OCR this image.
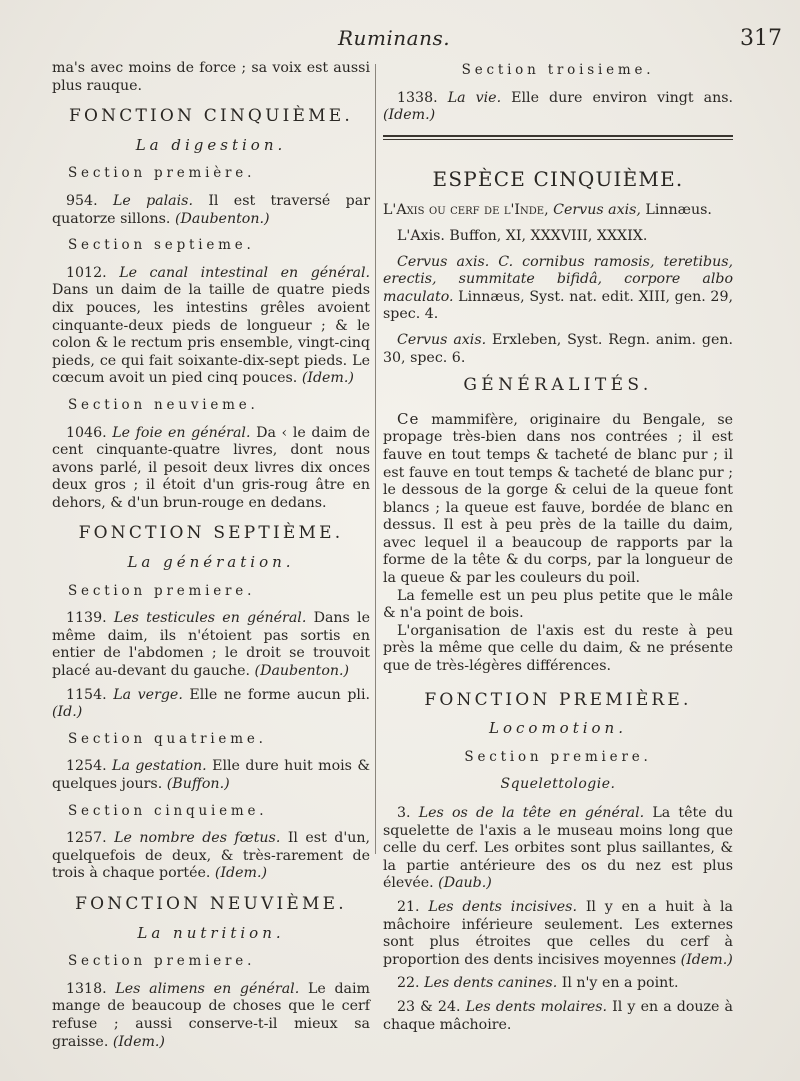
Ruminans.	317

ma's avec moins de force ; sa voix est aussi plus rauque.

FONCTION CINQUIÈME.
La digestion.
Section première.

954. Le palais. Il est traversé par quatorze sillons. (Daubenton.)

Section septieme.

1012. Le canal intestinal en général. Dans un daim de la taille de quatre pieds dix pouces, les intestins grêles avoient cinquante-deux pieds de longueur ; & le colon & le rectum pris ensemble, vingt-cinq pieds, ce qui fait soixante-dix-sept pieds. Le cœcum avoit un pied cinq pouces. (Idem.)

Section neuvieme.

1046. Le foie en général. Da ‹ le daim de cent cinquante-quatre livres, dont nous avons parlé, il pesoit deux livres dix onces deux gros ; il étoit d'un gris-roug âtre en dehors, & d'un brun-rouge en dedans.

FONCTION SEPTIÈME.
La génération.
Section premiere.

1139. Les testicules en général. Dans le même daim, ils n'étoient pas sortis en entier de l'abdomen ; le droit se trouvoit placé au-devant du gauche. (Daubenton.)

1154. La verge. Elle ne forme aucun pli. (Id.)

Section quatrieme.

1254. La gestation. Elle dure huit mois & quelques jours. (Buffon.)

Section cinquieme.

1257. Le nombre des fœtus. Il est d'un, quelquefois de deux, & très-rarement de trois à chaque portée. (Idem.)

FONCTION NEUVIÈME.
La nutrition.
Section premiere.

1318. Les alimens en général. Le daim mange de beaucoup de choses que le cerf refuse ; aussi conserve-t-il mieux sa graisse. (Idem.)

Section troisieme.

1338. La vie. Elle dure environ vingt ans. (Idem.)

ESPÈCE CINQUIÈME.

L'Axis ou cerf de l'Inde, Cervus axis, Linnæus.

L'Axis. Buffon, XI, XXXVIII, XXXIX.

Cervus axis. C. cornibus ramosis, teretibus, erectis, summitate bifidâ, corpore albo maculato. Linnæus, Syst. nat. edit. XIII, gen. 29, spec. 4.

Cervus axis. Erxleben, Syst. Regn. anim. gen. 30, spec. 6.

GÉNÉRALITÉS.

Ce mammifère, originaire du Bengale, se propage très-bien dans nos contrées ; il est fauve en tout temps & tacheté de blanc pur ; il est fauve en tout temps & tacheté de blanc pur ; le dessous de la gorge & celui de la queue font blancs ; la queue est fauve, bordée de blanc en dessus. Il est à peu près de la taille du daim, avec lequel il a beaucoup de rapports par la forme de la tête & du corps, par la longueur de la queue & par les couleurs du poil.

La femelle est un peu plus petite que le mâle & n'a point de bois.

L'organisation de l'axis est du reste à peu près la même que celle du daim, & ne présente que de très-légères différences.

FONCTION PREMIÈRE.
Locomotion.
Section premiere.
Squelettologie.

3. Les os de la tête en général. La tête du squelette de l'axis a le museau moins long que celle du cerf. Les orbites sont plus saillantes, & la partie antérieure des os du nez est plus élevée. (Daub.)

21. Les dents incisives. Il y en a huit à la mâchoire inférieure seulement. Les externes sont plus étroites que celles du cerf à proportion des dents incisives moyennes (Idem.)

22. Les dents canines. Il n'y en a point.

23 & 24. Les dents molaires. Il y en a douze à chaque mâchoire.
